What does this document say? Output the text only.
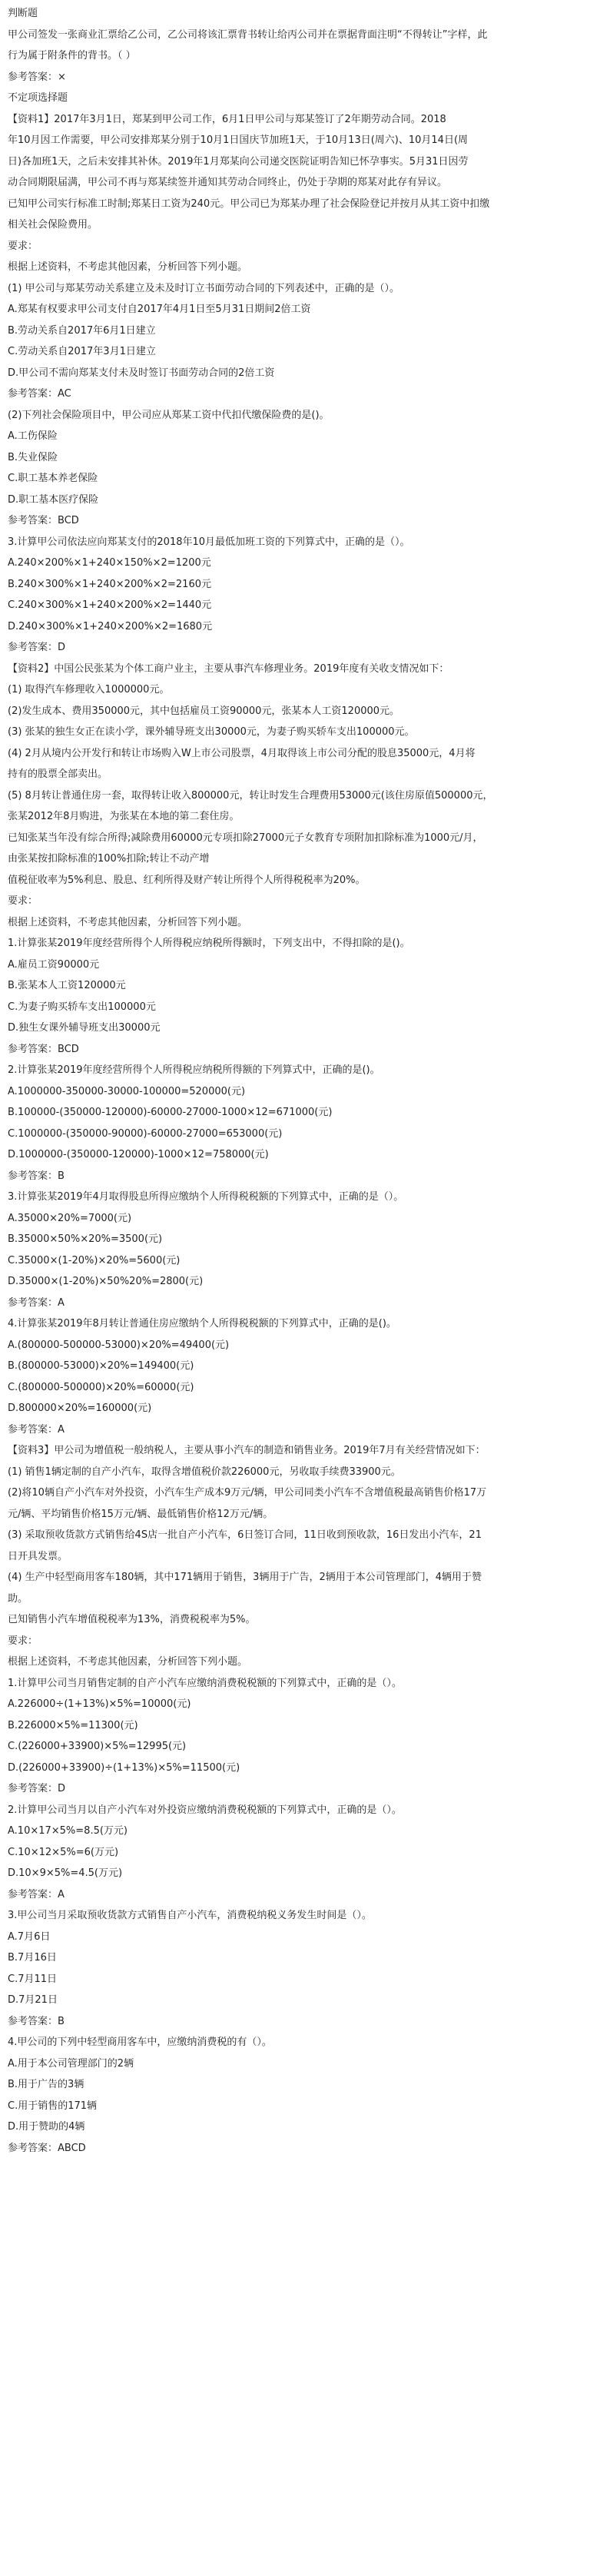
判断题
甲公司签发一张商业汇票给乙公司，乙公司将该汇票背书转让给丙公司并在票据背面注明“不得转让”字样，此
行为属于附条件的背书。（ ）
参考答案：×
不定项选择题
【资料1】2017年3月1日，郑某到甲公司工作，6月1日甲公司与郑某签订了2年期劳动合同。2018
年10月因工作需要，甲公司安排郑某分别于10月1日国庆节加班1天，于10月13日(周六)、10月14日(周
日)各加班1天，之后未安排其补休。2019年1月郑某向公司递交医院证明告知已怀孕事实。5月31日因劳
动合同期限届满，甲公司不再与郑某续签并通知其劳动合同终止，仍处于孕期的郑某对此存有异议。
已知甲公司实行标准工时制;郑某日工资为240元。甲公司已为郑某办理了社会保险登记并按月从其工资中扣缴
相关社会保险费用。
要求：
根据上述资料，不考虑其他因素，分析回答下列小题。
(1) 甲公司与郑某劳动关系建立及未及时订立书面劳动合同的下列表述中，正确的是（）。
A.郑某有权要求甲公司支付自2017年4月1日至5月31日期间2倍工资
B.劳动关系自2017年6月1日建立
C.劳动关系自2017年3月1日建立
D.甲公司不需向郑某支付未及时签订书面劳动合同的2倍工资
参考答案：AC
(2)下列社会保险项目中，甲公司应从郑某工资中代扣代缴保险费的是()。
A.工伤保险
B.失业保险
C.职工基本养老保险
D.职工基本医疗保险
参考答案：BCD
3.计算甲公司依法应向郑某支付的2018年10月最低加班工资的下列算式中，正确的是（）。
A.240×200%×1+240×150%×2=1200元
B.240×300%×1+240×200%×2=2160元
C.240×300%×1+240×200%×2=1440元
D.240×300%×1+240×200%×2=1680元
参考答案：D
【资料2】中国公民张某为个体工商户业主，主要从事汽车修理业务。2019年度有关收支情况如下：
(1) 取得汽车修理收入1000000元。
(2)发生成本、费用350000元，其中包括雇员工资90000元，张某本人工资120000元。
(3) 张某的独生女正在读小学，课外辅导班支出30000元，为妻子购买轿车支出100000元。
(4) 2月从境内公开发行和转让市场购入W上市公司股票，4月取得该上市公司分配的股息35000元，4月将
持有的股票全部卖出。
(5) 8月转让普通住房一套，取得转让收入800000元，转让时发生合理费用53000元(该住房原值500000元，
张某2012年8月购进，为张某在本地的第二套住房。
已知张某当年没有综合所得;减除费用60000元专项扣除27000元子女教育专项附加扣除标准为1000元/月，
由张某按扣除标准的100%扣除;转让不动产增
值税征收率为5%利息、股息、红利所得及财产转让所得个人所得税税率为20%。
要求：
根据上述资料，不考虑其他因素，分析回答下列小题。
1.计算张某2019年度经营所得个人所得税应纳税所得额时，下列支出中，不得扣除的是()。
A.雇员工资90000元
B.张某本人工资120000元
C.为妻子购买轿车支出100000元
D.独生女课外辅导班支出30000元
参考答案：BCD
2.计算张某2019年度经营所得个人所得税应纳税所得额的下列算式中，正确的是()。
A.1000000-350000-30000-100000=520000(元)
B.100000-(350000-120000)-60000-27000-1000×12=671000(元)
C.1000000-(350000-90000)-60000-27000=653000(元)
D.1000000-(350000-120000)-1000×12=758000(元)
参考答案：B
3.计算张某2019年4月取得股息所得应缴纳个人所得税税额的下列算式中，正确的是（）。
A.35000×20%=7000(元)
B.35000×50%×20%=3500(元)
C.35000×(1-20%)×20%=5600(元)
D.35000×(1-20%)×50%20%=2800(元)
参考答案：A
4.计算张某2019年8月转让普通住房应缴纳个人所得税税额的下列算式中，正确的是()。
A.(800000-500000-53000)×20%=49400(元)
B.(800000-53000)×20%=149400(元)
C.(800000-500000)×20%=60000(元)
D.800000×20%=160000(元)
参考答案：A
【资料3】甲公司为增值税一般纳税人，主要从事小汽车的制造和销售业务。2019年7月有关经营情况如下：
(1) 销售1辆定制的自产小汽车，取得含增值税价款226000元，另收取手续费33900元。
(2)将10辆自产小汽车对外投资，小汽车生产成本9万元/辆，甲公司同类小汽车不含增值税最高销售价格17万
元/辆、平均销售价格15万元/辆、最低销售价格12万元/辆。
(3) 采取预收货款方式销售给4S店一批自产小汽车，6日签订合同，11日收到预收款，16日发出小汽车，21
日开具发票。
(4) 生产中轻型商用客车180辆，其中171辆用于销售，3辆用于广告，2辆用于本公司管理部门，4辆用于赞
助。
已知销售小汽车增值税税率为13%，消费税税率为5%。
要求：
根据上述资料，不考虑其他因素，分析回答下列小题。
1.计算甲公司当月销售定制的自产小汽车应缴纳消费税税额的下列算式中，正确的是（）。
A.226000÷(1+13%)×5%=10000(元)
B.226000×5%=11300(元)
C.(226000+33900)×5%=12995(元)
D.(226000+33900)÷(1+13%)×5%=11500(元)
参考答案：D
2.计算甲公司当月以自产小汽车对外投资应缴纳消费税税额的下列算式中，正确的是（）。
A.10×17×5%=8.5(万元)
C.10×12×5%=6(万元)
D.10×9×5%=4.5(万元)
参考答案：A
3.甲公司当月采取预收货款方式销售自产小汽车，消费税纳税义务发生时间是（）。
A.7月6日
B.7月16日
C.7月11日
D.7月21日
参考答案：B
4.甲公司的下列中轻型商用客车中，应缴纳消费税的有（）。
A.用于本公司管理部门的2辆
B.用于广告的3辆
C.用于销售的171辆
D.用于赞助的4辆
参考答案：ABCD
